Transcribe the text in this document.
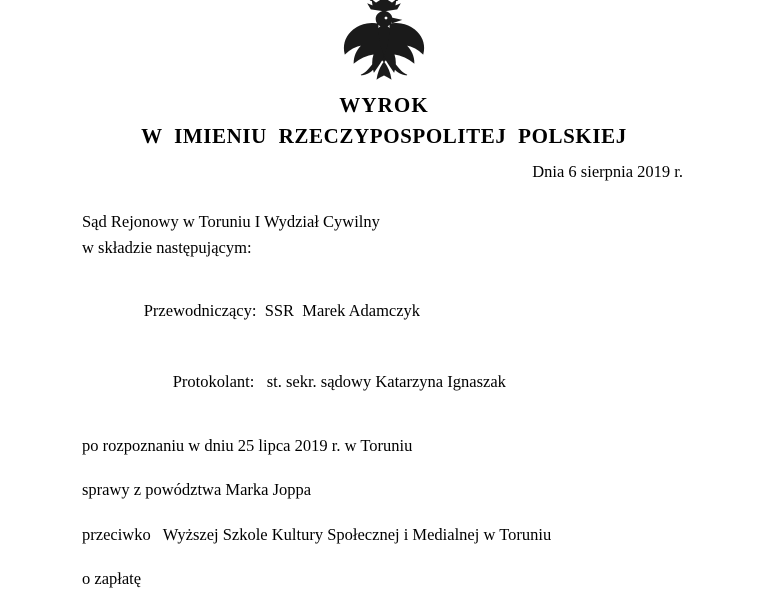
WYROK
W  IMIENIU  RZECZYPOSPOLITEJ  POLSKIEJ
Dnia 6 sierpnia 2019 r.
Sąd Rejonowy w Toruniu I Wydział Cywilny
w składzie następującym:

Przewodniczący: SSR  Marek Adamczyk

Protokolant: st. sekr. sądowy Katarzyna Ignaszak

po rozpoznaniu w dniu 25 lipca 2019 r. w Toruniu
sprawy z powództwa Marka Joppa
przeciwko   Wyższej Szkole Kultury Społecznej i Medialnej w Toruniu
o zapłatę
